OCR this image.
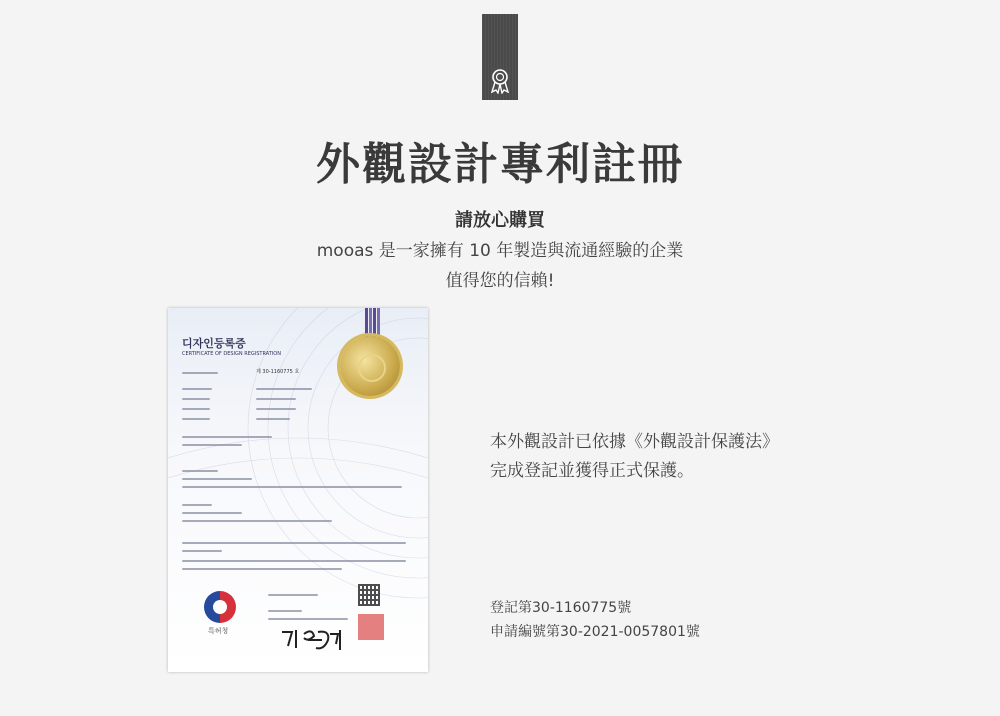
外觀設計專利註冊
請放心購買
mooas 是一家擁有 10 年製造與流通經驗的企業
值得您的信賴!
디자인등록증
CERTIFICATE OF DESIGN REGISTRATION
제 30-1160775 호
특허청
本外觀設計已依據《外觀設計保護法》
完成登記並獲得正式保護。
登記第30-1160775號
申請編號第30-2021-0057801號
